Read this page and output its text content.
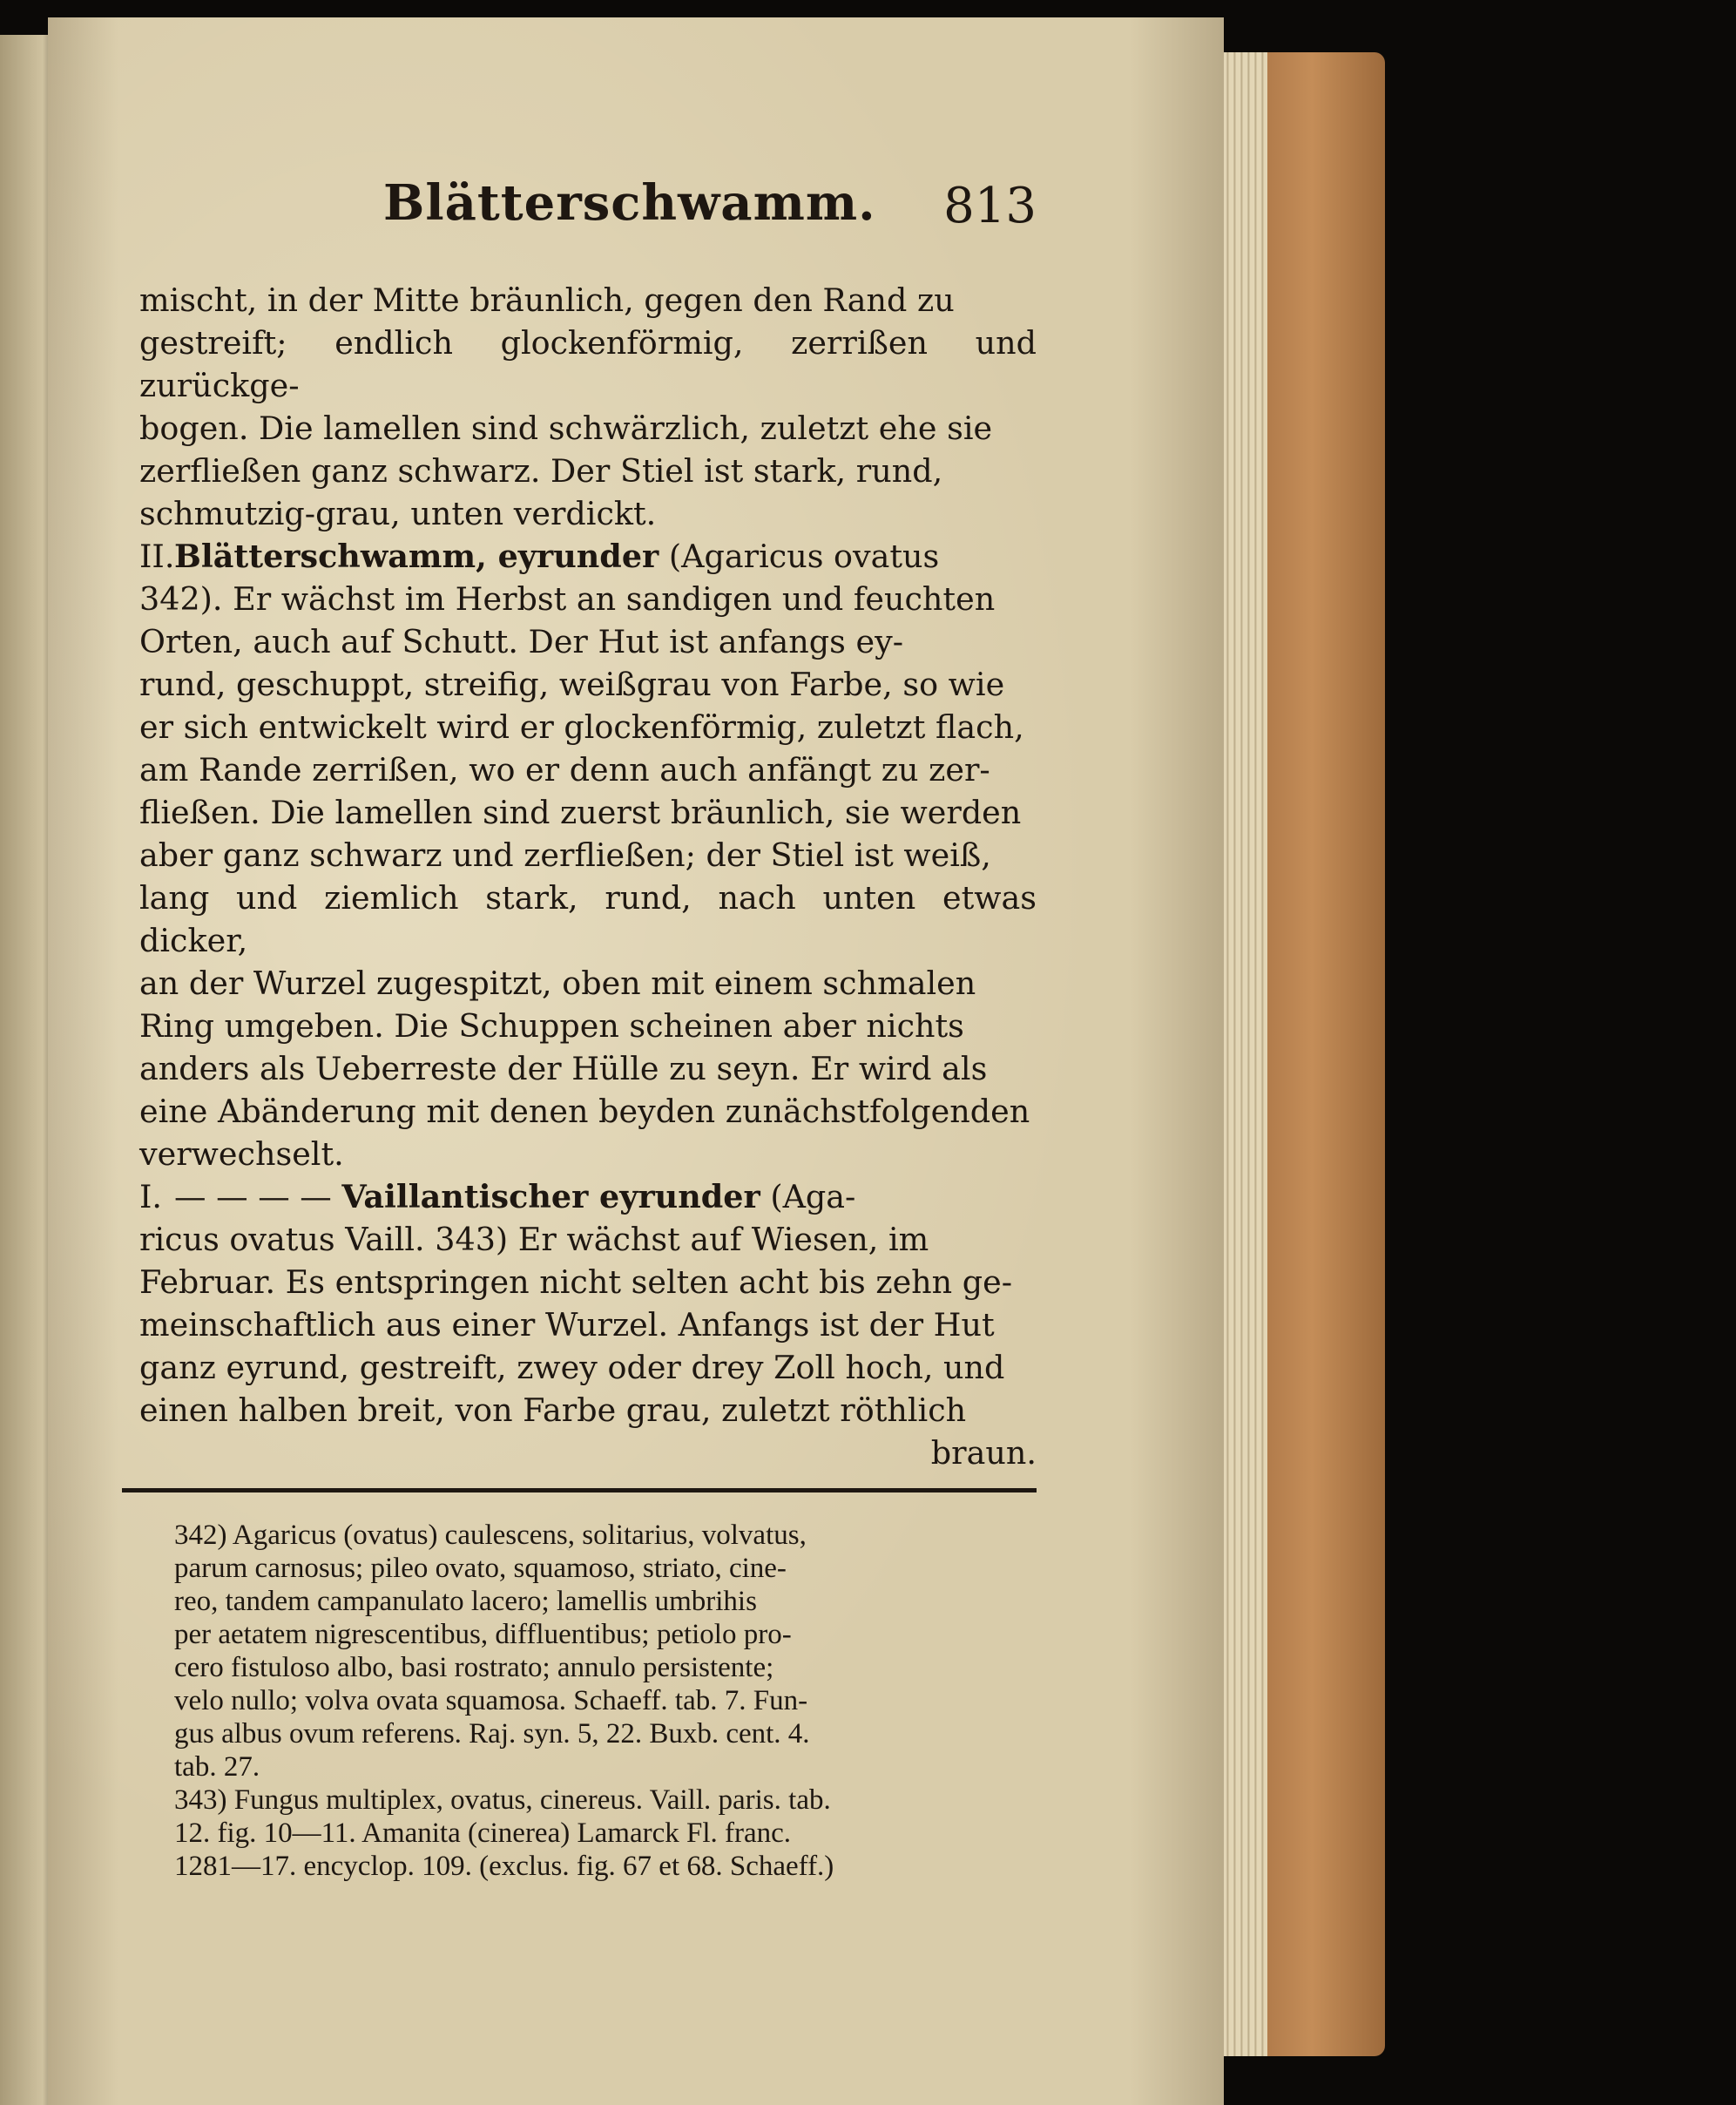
Blätterschwamm. 813

mischt, in der Mitte bräunlich, gegen den Rand zu

gestreift; endlich glockenförmig, zerrißen und zurückge-

bogen. Die lamellen sind schwärzlich, zuletzt ehe sie

zerfließen ganz schwarz. Der Stiel ist stark, rund,

schmutzig-grau, unten verdickt.

II.Blätterschwamm, eyrunder (Agaricus ovatus

342). Er wächst im Herbst an sandigen und feuchten

Orten, auch auf Schutt. Der Hut ist anfangs ey-

rund, geschuppt, streifig, weißgrau von Farbe, so wie

er sich entwickelt wird er glockenförmig, zuletzt flach,

am Rande zerrißen, wo er denn auch anfängt zu zer-

fließen. Die lamellen sind zuerst bräunlich, sie werden

aber ganz schwarz und zerfließen; der Stiel ist weiß,

lang und ziemlich stark, rund, nach unten etwas dicker,

an der Wurzel zugespitzt, oben mit einem schmalen

Ring umgeben. Die Schuppen scheinen aber nichts

anders als Ueberreste der Hülle zu seyn. Er wird als

eine Abänderung mit denen beyden zunächstfolgenden

verwechselt.

I. — — — — Vaillantischer eyrunder (Aga-

ricus ovatus Vaill. 343) Er wächst auf Wiesen, im

Februar. Es entspringen nicht selten acht bis zehn ge-

meinschaftlich aus einer Wurzel. Anfangs ist der Hut

ganz eyrund, gestreift, zwey oder drey Zoll hoch, und

einen halben breit, von Farbe grau, zuletzt röthlich

braun.

342) Agaricus (ovatus) caulescens, solitarius, volvatus,

parum carnosus; pileo ovato, squamoso, striato, cine-

reo, tandem campanulato lacero; lamellis umbrihis

per aetatem nigrescentibus, diffluentibus; petiolo pro-

cero fistuloso albo, basi rostrato; annulo persistente;

velo nullo; volva ovata squamosa. Schaeff. tab. 7. Fun-

gus albus ovum referens. Raj. syn. 5, 22. Buxb. cent. 4.

tab. 27.

343) Fungus multiplex, ovatus, cinereus. Vaill. paris. tab.

12. fig. 10—11. Amanita (cinerea) Lamarck Fl. franc.

1281—17. encyclop. 109. (exclus. fig. 67 et 68. Schaeff.)
